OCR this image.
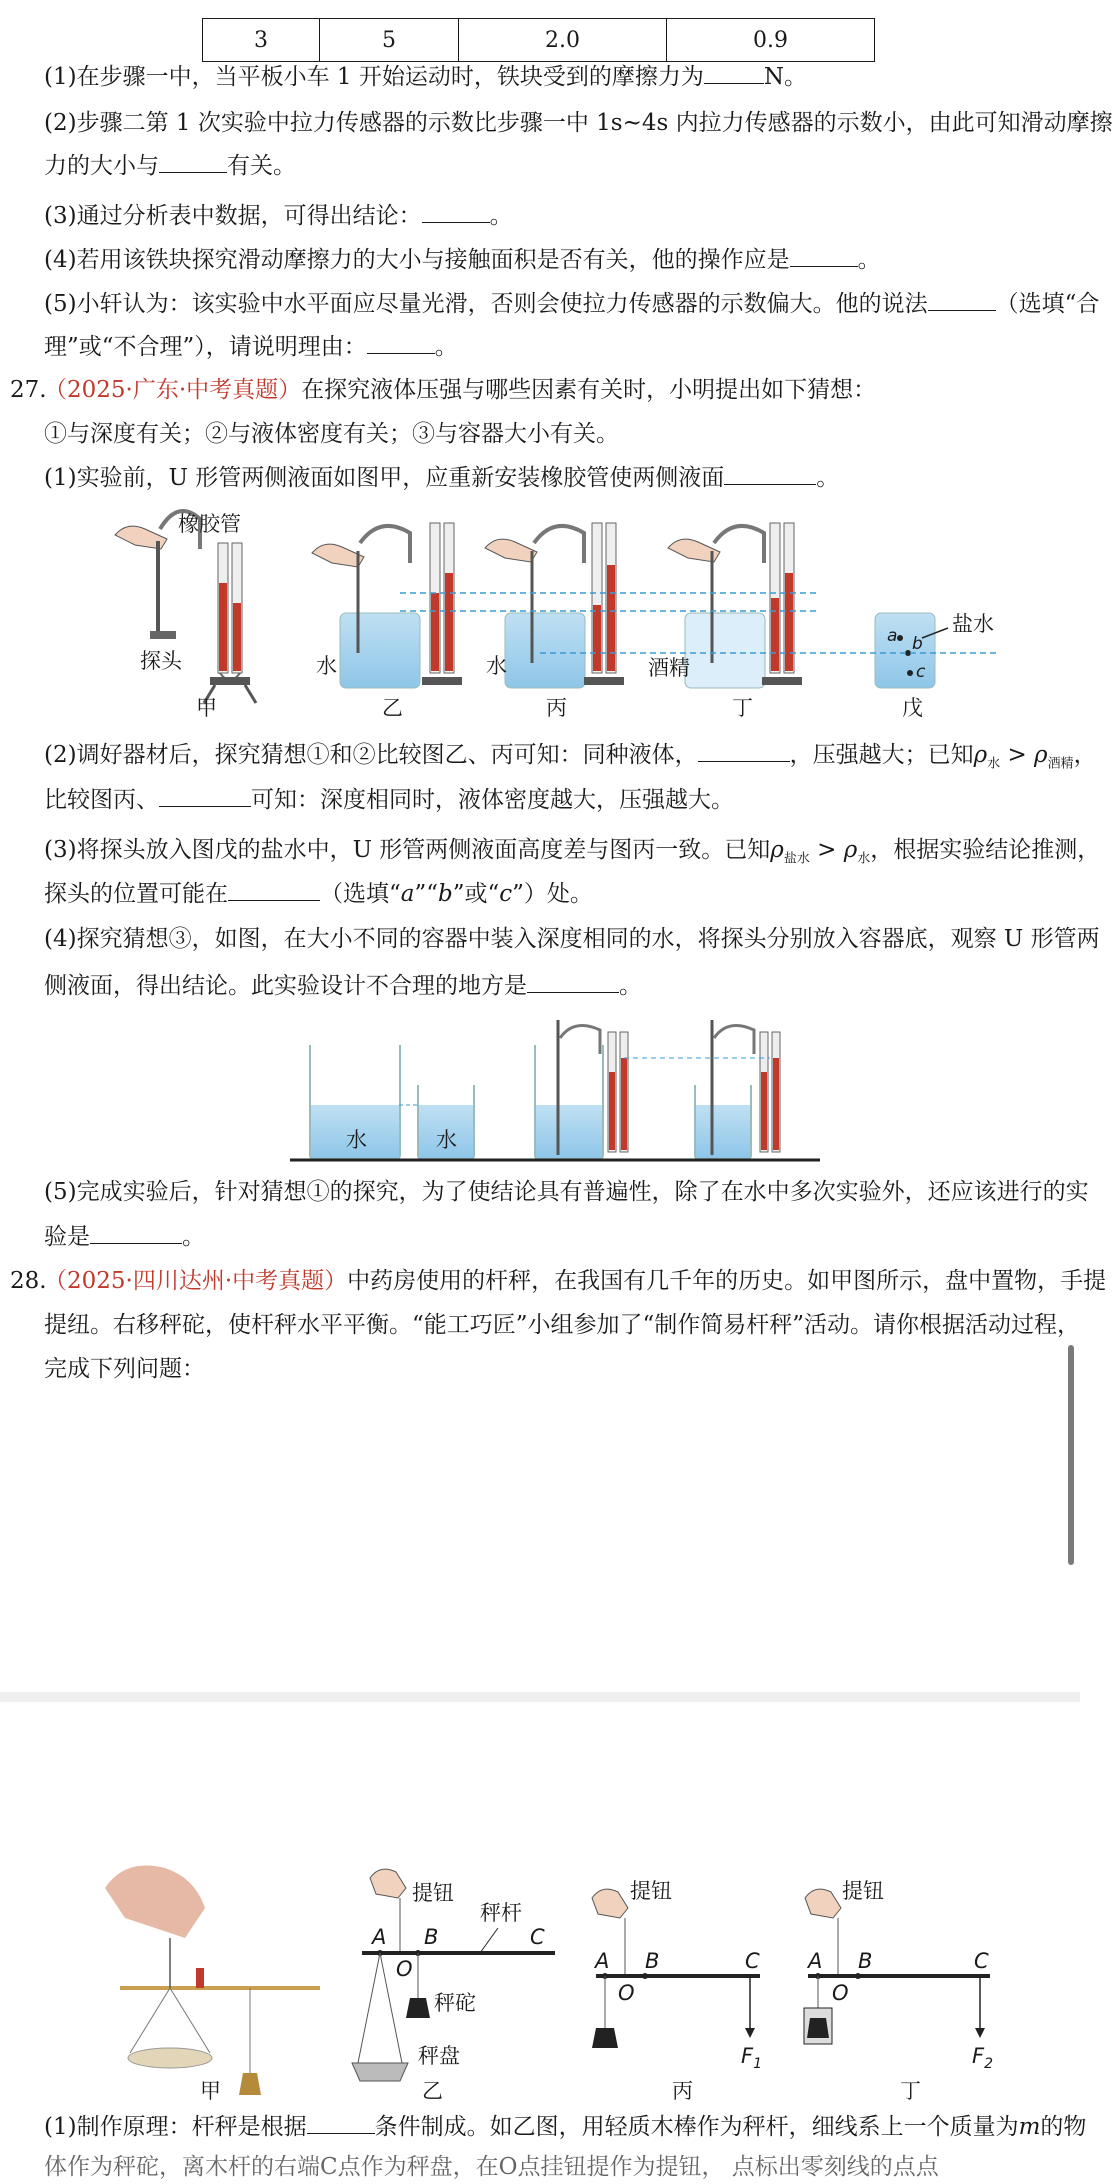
3	5	2.0	0.9
(1)在步骤一中，当平板小车 1 开始运动时，铁块受到的摩擦力为	N。
(2)步骤二第 1 次实验中拉力传感器的示数比步骤一中 1s~4s 内拉力传感器的示数小，由此可知滑动摩擦
力的大小与	有关。
(3)通过分析表中数据，可得出结论：	。
(4)若用该铁块探究滑动摩擦力的大小与接触面积是否有关，他的操作应是	。
(5)小轩认为：该实验中水平面应尽量光滑，否则会使拉力传感器的示数偏大。他的说法	（选填“合
理”或“不合理”），请说明理由：	。
27.
（2025·广东·中考真题）在探究液体压强与哪些因素有关时，小明提出如下猜想：
①与深度有关；②与液体密度有关；③与容器大小有关。
(1)实验前，U 形管两侧液面如图甲，应重新安装橡胶管使两侧液面	。
橡胶管
探头	水	水	酒精
盐水
a b
c
甲	乙	丙	丁	戊
(2)调好器材后，探究猜想①和②比较图乙、丙可知：同种液体，	，压强越大；已知$\rho_水 > \rho_{酒精}$，
比较图丙、	可知：深度相同时，液体密度越大，压强越大。
(3)将探头放入图戊的盐水中，U 形管两侧液面高度差与图丙一致。已知$\rho_{盐水} > \rho_水$，根据实验结论推测，
探头的位置可能在	（选填“a”“b”或“c”）处。
(4)探究猜想③，如图，在大小不同的容器中装入深度相同的水，将探头分别放入容器底，观察 U 形管两
侧液面，得出结论。此实验设计不合理的地方是	。
水	水
(5)完成实验后，针对猜想①的探究，为了使结论具有普遍性，除了在水中多次实验外，还应该进行的实
验是	。
28.
（2025·四川达州·中考真题）中药房使用的杆秤，在我国有几千年的历史。如甲图所示，盘中置物，手提
提纽。右移秤砣，使杆秤水平平衡。“能工巧匠”小组参加了“制作简易杆秤”活动。请你根据活动过程，
完成下列问题：
提钮
秤杆
秤砣
秤盘
A B	C
O
提钮
A B	C
O
$F_1$
提钮
A B	C
O
$F_2$
甲	乙	丙	丁
(1)制作原理：杆秤是根据	条件制成。如乙图，用轻质木棒作为秤杆，细线系上一个质量为m的物
体作为秤砣，离木杆的右端C点作为秤盘，在O点挂钮提作为提钮， 点标出零刻线的点点
